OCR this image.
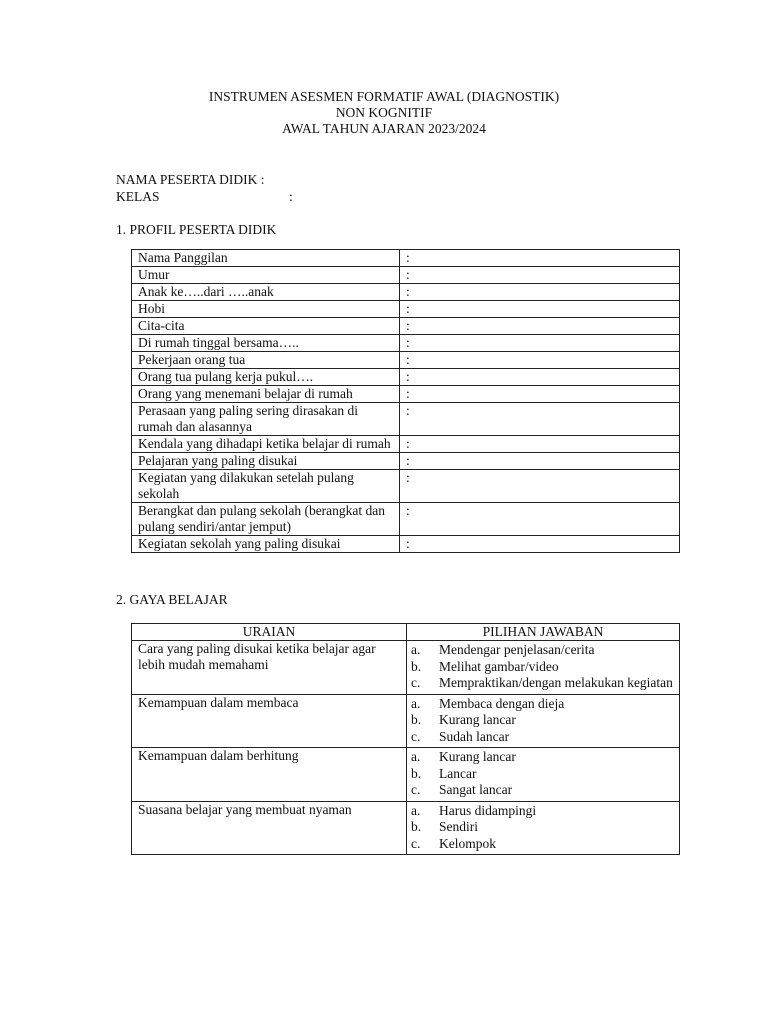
INSTRUMEN ASESMEN FORMATIF AWAL (DIAGNOSTIK)
NON KOGNITIF
AWAL TAHUN AJARAN 2023/2024
NAMA PESERTA DIDIK :
KELAS	:
1. PROFIL PESERTA DIDIK
Nama Panggilan	:
Umur	:
Anak ke…..dari …..anak	:
Hobi	:
Cita-cita	:
Di rumah tinggal bersama…..	:
Pekerjaan orang tua	:
Orang tua pulang kerja pukul….	:
Orang yang menemani belajar di rumah	:
Perasaan yang paling sering dirasakan di rumah dan alasannya	:
Kendala yang dihadapi ketika belajar di rumah	:
Pelajaran yang paling disukai	:
Kegiatan yang dilakukan setelah pulang sekolah	:
Berangkat dan pulang sekolah (berangkat dan pulang sendiri/antar jemput)	:
Kegiatan sekolah yang paling disukai	:
2. GAYA BELAJAR
URAIAN	PILIHAN JAWABAN
Cara yang paling disukai ketika belajar agar lebih mudah memahami	a. Mendengar penjelasan/cerita
b. Melihat gambar/video
c. Mempraktikan/dengan melakukan kegiatan

Kemampuan dalam membaca	a. Membaca dengan dieja
b. Kurang lancar
c. Sudah lancar

Kemampuan dalam berhitung	a. Kurang lancar
b. Lancar
c. Sangat lancar

Suasana belajar yang membuat nyaman	a. Harus didampingi
b. Sendiri
c. Kelompok
